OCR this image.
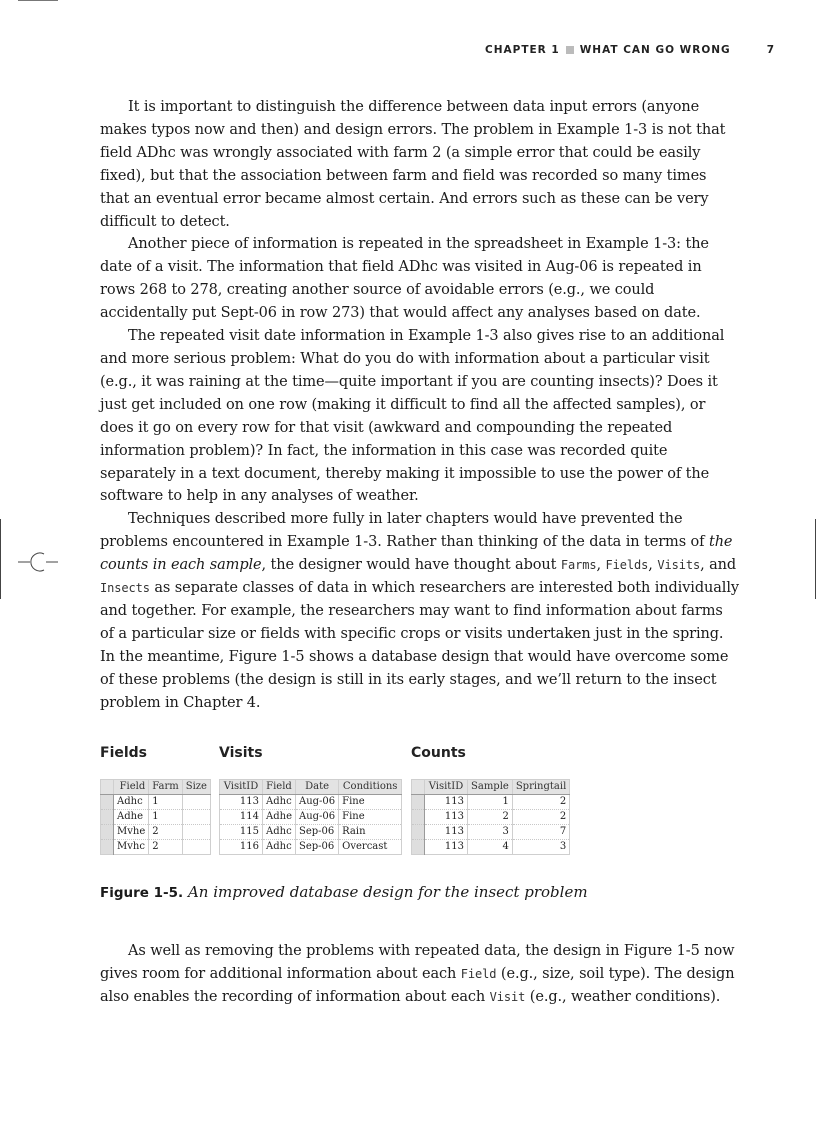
CHAPTER 1 WHAT CAN GO WRONG	7

It is important to distinguish the difference between data input errors (anyone makes typos now and then) and design errors. The problem in Example 1-3 is not that field ADhc was wrongly associated with farm 2 (a simple error that could be easily fixed), but that the association between farm and field was recorded so many times that an eventual error became almost certain. And errors such as these can be very difficult to detect.

Another piece of information is repeated in the spreadsheet in Example 1-3: the date of a visit. The information that field ADhc was visited in Aug-06 is repeated in rows 268 to 278, creating another source of avoidable errors (e.g., we could accidentally put Sept-06 in row 273) that would affect any analyses based on date.

The repeated visit date information in Example 1-3 also gives rise to an additional and more serious problem: What do you do with information about a particular visit (e.g., it was raining at the time—quite important if you are counting insects)? Does it just get included on one row (making it difficult to find all the affected samples), or does it go on every row for that visit (awkward and compounding the repeated information problem)? In fact, the information in this case was recorded quite separately in a text document, thereby making it impossible to use the power of the software to help in any analyses of weather.

Techniques described more fully in later chapters would have prevented the problems encountered in Example 1-3. Rather than thinking of the data in terms of the counts in each sample, the designer would have thought about Farms, Fields, Visits, and Insects as separate classes of data in which researchers are interested both individually and together. For example, the researchers may want to find information about farms of a particular size or fields with specific crops or visits undertaken just in the spring. In the meantime, Figure 1-5 shows a database design that would have overcome some of these problems (the design is still in its early stages, and we’ll return to the insect problem in Chapter 4.

Fields	Visits	Counts
	Field	Farm	Size
	Adhc	1	
	Adhe	1	
	Mvhe	2	
	Mvhc	2	
VisitID	Field	Date	Conditions
113	Adhc	Aug-06	Fine
114	Adhe	Aug-06	Fine
115	Adhc	Sep-06	Rain
116	Adhc	Sep-06	Overcast
	VisitID	Sample	Springtail
	113	1	2
	113	2	2
	113	3	7
	113	4	3
Figure 1-5. An improved database design for the insect problem

As well as removing the problems with repeated data, the design in Figure 1-5 now gives room for additional information about each Field (e.g., size, soil type). The design also enables the recording of information about each Visit (e.g., weather conditions).
